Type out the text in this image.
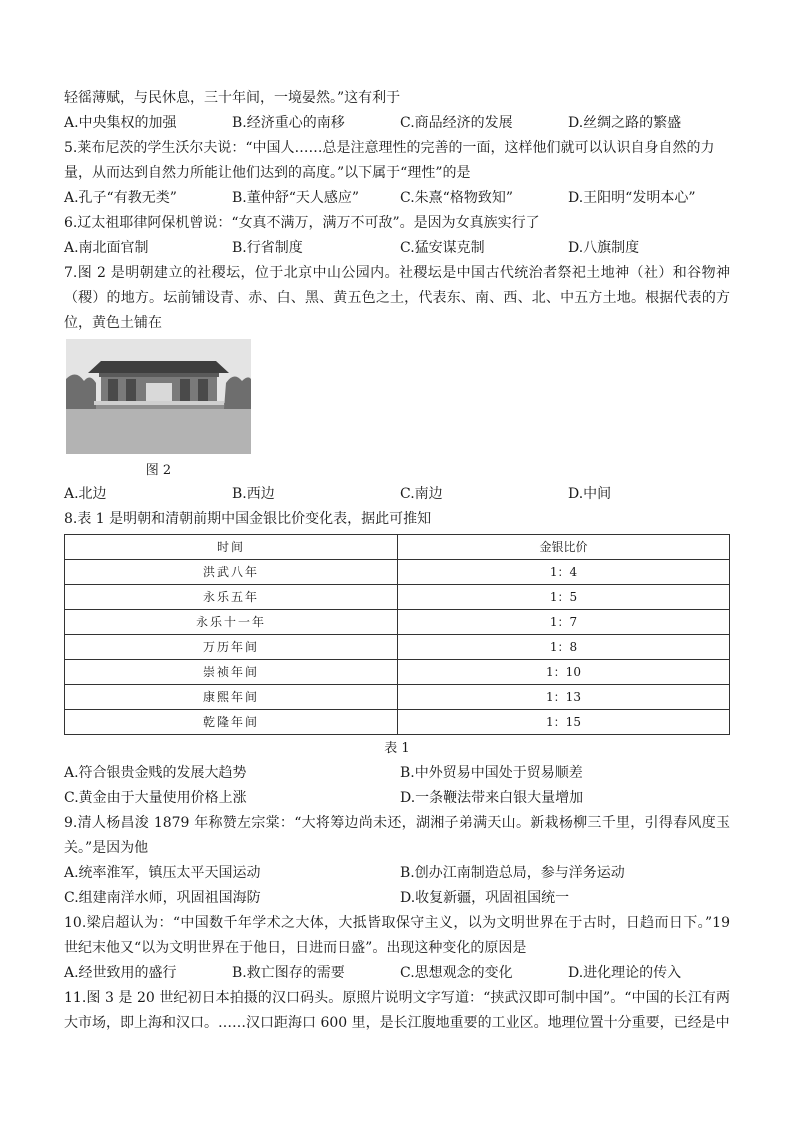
轻徭薄赋，与民休息，三十年间，一境晏然。”这有利于
A.中央集权的加强	B.经济重心的南移	C.商品经济的发展	D.丝绸之路的繁盛
5.莱布尼茨的学生沃尔夫说：“中国人……总是注意理性的完善的一面，这样他们就可以认识自身自然的力
量，从而达到自然力所能让他们达到的高度。”以下属于“理性”的是
A.孔子“有教无类”	B.董仲舒“天人感应”	C.朱熹“格物致知”	D.王阳明“发明本心”
6.辽太祖耶律阿保机曾说：“女真不满万，满万不可敌”。是因为女真族实行了
A.南北面官制	B.行省制度	C.猛安谋克制	D.八旗制度
7.图 2 是明朝建立的社稷坛，位于北京中山公园内。社稷坛是中国古代统治者祭祀土地神（社）和谷物神（稷）的地方。坛前铺设青、赤、白、黑、黄五色之土，代表东、南、西、北、中五方土地。根据代表的方位，黄色土铺在
图 2
A.北边	B.西边	C.南边	D.中间
8.表 1 是明朝和清朝前期中国金银比价变化表，据此可推知
时间	金银比价
洪武八年	1：4
永乐五年	1：5
永乐十一年	1：7
万历年间	1：8
崇祯年间	1：10
康熙年间	1：13
乾隆年间	1：15
表 1
A.符合银贵金贱的发展大趋势	B.中外贸易中国处于贸易顺差
C.黄金由于大量使用价格上涨	D.一条鞭法带来白银大量增加
9.清人杨昌浚 1879 年称赞左宗棠：“大将筹边尚未还，湖湘子弟满天山。新栽杨柳三千里，引得春风度玉关。”是因为他
A.统率淮军，镇压太平天国运动	B.创办江南制造总局，参与洋务运动
C.组建南洋水师，巩固祖国海防	D.收复新疆，巩固祖国统一
10.梁启超认为：“中国数千年学术之大体，大抵皆取保守主义，以为文明世界在于古时，日趋而日下。”19 世纪末他又“以为文明世界在于他日，日进而日盛”。出现这种变化的原因是
A.经世致用的盛行	B.救亡图存的需要	C.思想观念的变化	D.进化理论的传入
11.图 3 是 20 世纪初日本拍摄的汉口码头。原照片说明文字写道：“挟武汉即可制中国”。“中国的长江有两大市场，即上海和汉口。……汉口距海口 600 里，是长江腹地重要的工业区。地理位置十分重要，已经是中
